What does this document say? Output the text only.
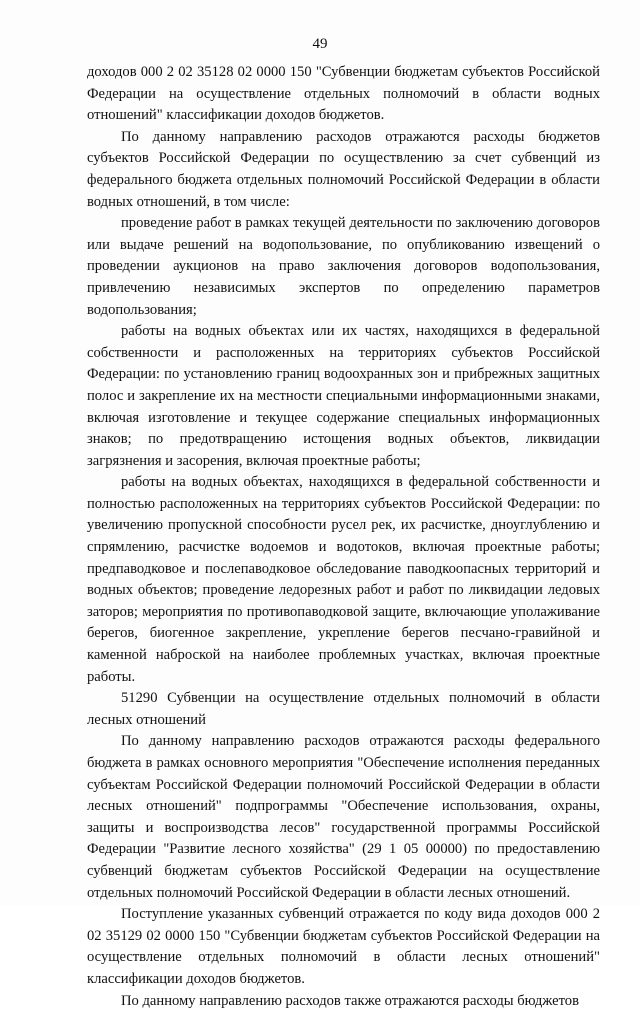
49

доходов 000 2 02 35128 02 0000 150 "Субвенции бюджетам субъектов Российской Федерации на осуществление отдельных полномочий в области водных отношений" классификации доходов бюджетов.

По данному направлению расходов отражаются расходы бюджетов субъектов Российской Федерации по осуществлению за счет субвенций из федерального бюджета отдельных полномочий Российской Федерации в области водных отношений, в том числе:

проведение работ в рамках текущей деятельности по заключению договоров или выдаче решений на водопользование, по опубликованию извещений о проведении аукционов на право заключения договоров водопользования, привлечению независимых экспертов по определению параметров водопользования;

работы на водных объектах или их частях, находящихся в федеральной собственности и расположенных на территориях субъектов Российской Федерации: по установлению границ водоохранных зон и прибрежных защитных полос и закрепление их на местности специальными информационными знаками, включая изготовление и текущее содержание специальных информационных знаков; по предотвращению истощения водных объектов, ликвидации загрязнения и засорения, включая проектные работы;

работы на водных объектах, находящихся в федеральной собственности и полностью расположенных на территориях субъектов Российской Федерации: по увеличению пропускной способности русел рек, их расчистке, дноуглублению и спрямлению, расчистке водоемов и водотоков, включая проектные работы; предпаводковое и послепаводковое обследование паводкоопасных территорий и водных объектов; проведение ледорезных работ и работ по ликвидации ледовых заторов; мероприятия по противопаводковой защите, включающие уполаживание берегов, биогенное закрепление, укрепление берегов песчано-гравийной и каменной наброской на наиболее проблемных участках, включая проектные работы.

51290 Субвенции на осуществление отдельных полномочий в области лесных отношений

По данному направлению расходов отражаются расходы федерального бюджета в рамках основного мероприятия "Обеспечение исполнения переданных субъектам Российской Федерации полномочий Российской Федерации в области лесных отношений" подпрограммы "Обеспечение использования, охраны, защиты и воспроизводства лесов" государственной программы Российской Федерации "Развитие лесного хозяйства" (29 1 05 00000) по предоставлению субвенций бюджетам субъектов Российской Федерации на осуществление отдельных полномочий Российской Федерации в области лесных отношений.

Поступление указанных субвенций отражается по коду вида доходов 000 2 02 35129 02 0000 150 "Субвенции бюджетам субъектов Российской Федерации на осуществление отдельных полномочий в области лесных отношений" классификации доходов бюджетов.

По данному направлению расходов также отражаются расходы бюджетов
